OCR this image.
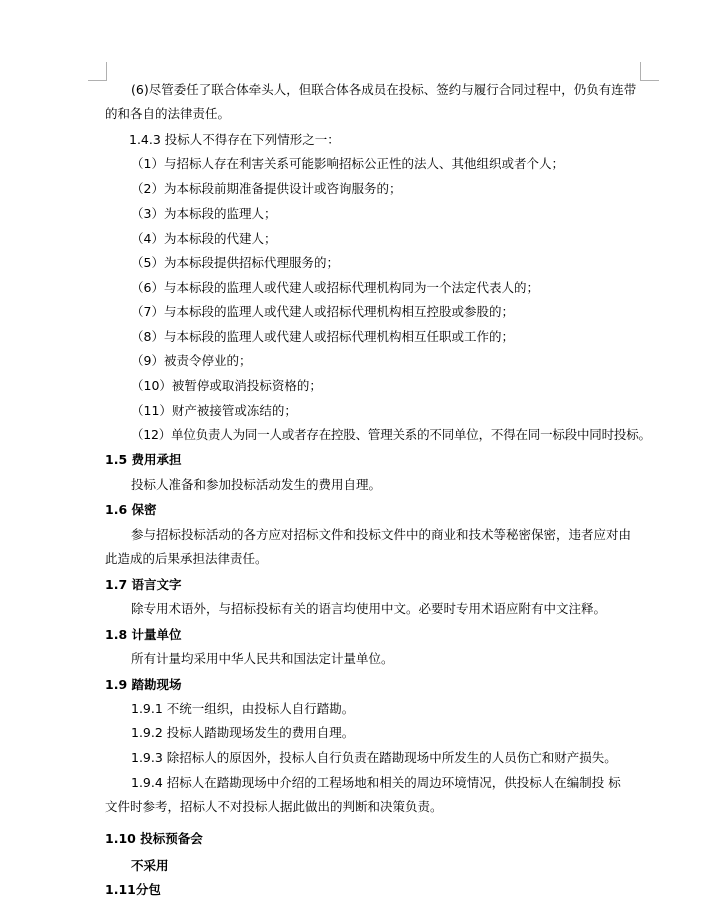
(6)尽管委任了联合体牵头人，但联合体各成员在投标、签约与履行合同过程中，仍负有连带
的和各自的法律责任。
1.4.3 投标人不得存在下列情形之一：
（1）与招标人存在利害关系可能影响招标公正性的法人、其他组织或者个人；
（2）为本标段前期准备提供设计或咨询服务的；
（3）为本标段的监理人；
（4）为本标段的代建人；
（5）为本标段提供招标代理服务的；
（6）与本标段的监理人或代建人或招标代理机构同为一个法定代表人的；
（7）与本标段的监理人或代建人或招标代理机构相互控股或参股的；
（8）与本标段的监理人或代建人或招标代理机构相互任职或工作的；
（9）被责令停业的；
（10）被暂停或取消投标资格的；
（11）财产被接管或冻结的；
（12）单位负责人为同一人或者存在控股、管理关系的不同单位，不得在同一标段中同时投标。
1.5 费用承担
投标人准备和参加投标活动发生的费用自理。
1.6 保密
参与招标投标活动的各方应对招标文件和投标文件中的商业和技术等秘密保密，违者应对由
此造成的后果承担法律责任。
1.7 语言文字
除专用术语外，与招标投标有关的语言均使用中文。必要时专用术语应附有中文注释。
1.8 计量单位
所有计量均采用中华人民共和国法定计量单位。
1.9 踏勘现场
1.9.1 不统一组织，由投标人自行踏勘。
1.9.2 投标人踏勘现场发生的费用自理。
1.9.3 除招标人的原因外，投标人自行负责在踏勘现场中所发生的人员伤亡和财产损失。
1.9.4 招标人在踏勘现场中介绍的工程场地和相关的周边环境情况，供投标人在编制投 标
文件时参考，招标人不对投标人据此做出的判断和决策负责。
1.10 投标预备会
不采用
1.11分包
